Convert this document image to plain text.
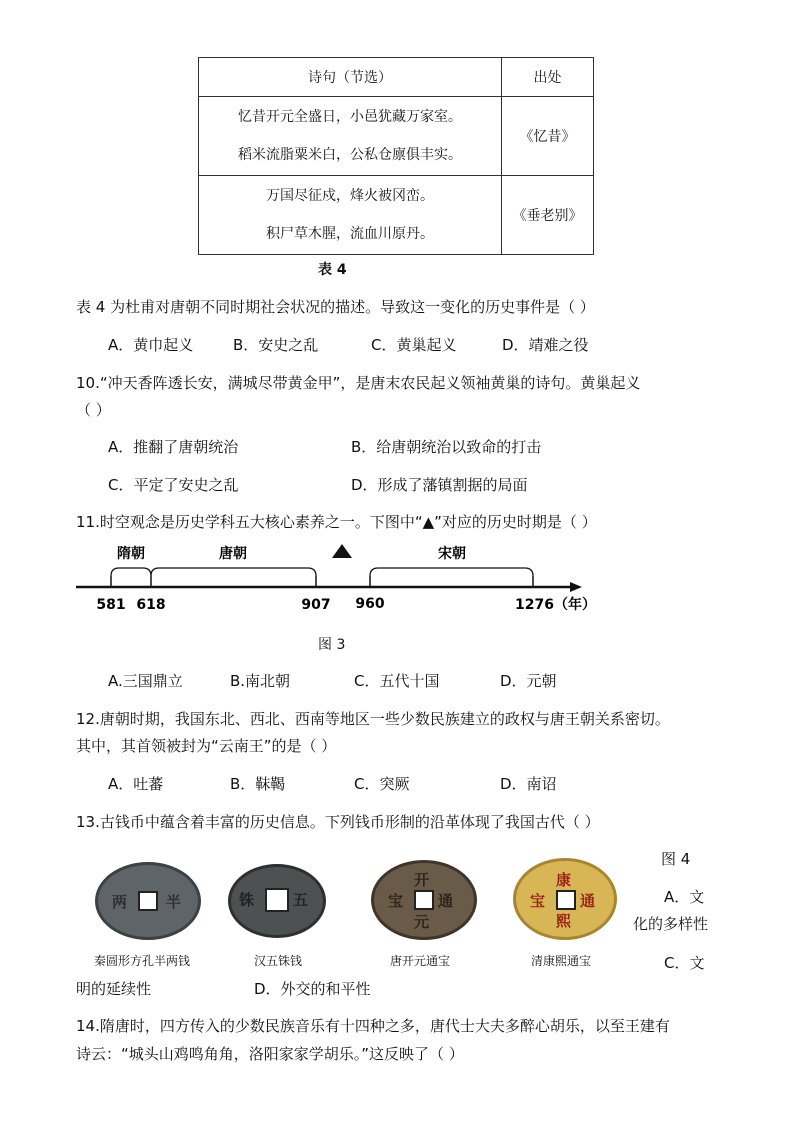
诗句（节选）	出处

忆昔开元全盛日，小邑犹藏万家室。
稻米流脂粟米白，公私仓廪俱丰实。	《忆昔》

万国尽征戍，烽火被冈峦。
积尸草木腥，流血川原丹。	《垂老别》
表 4
表 4 为杜甫对唐朝不同时期社会状况的描述。导致这一变化的历史事件是（ ）
A．黄巾起义	B．安史之乱	C．黄巢起义	D．靖难之役
10.“冲天香阵透长安，满城尽带黄金甲”，是唐末农民起义领袖黄巢的诗句。黄巢起义
（ ）
A．推翻了唐朝统治	B．给唐朝统治以致命的打击
C．平定了安史之乱	D．形成了藩镇割据的局面
11.时空观念是历史学科五大核心素养之一。下图中“▲”对应的历史时期是（ ）
隋朝	唐朝	宋朝
581 618	907 960	1276（年）
图 3
A.三国鼎立	B.南北朝	C．五代十国	D．元朝
12.唐朝时期，我国东北、西北、西南等地区一些少数民族建立的政权与唐王朝关系密切。
其中，其首领被封为“云南王”的是（ ）
A．吐蕃	B．靺鞨	C．突厥	D．南诏
13.古钱币中蕴含着丰富的历史信息。下列钱币形制的沿革体现了我国古代（ ）
图 4
两	半	铢	五
开
元
通
宝
康
熙
通
宝
秦圆形方孔半两钱	汉五铢钱	唐开元通宝	清康熙通宝
A．文
化的多样性
C．文
明的延续性	D．外交的和平性
14.隋唐时，四方传入的少数民族音乐有十四种之多，唐代士大夫多醉心胡乐，以至王建有
诗云：“城头山鸡鸣角角，洛阳家家学胡乐。”这反映了（ ）
